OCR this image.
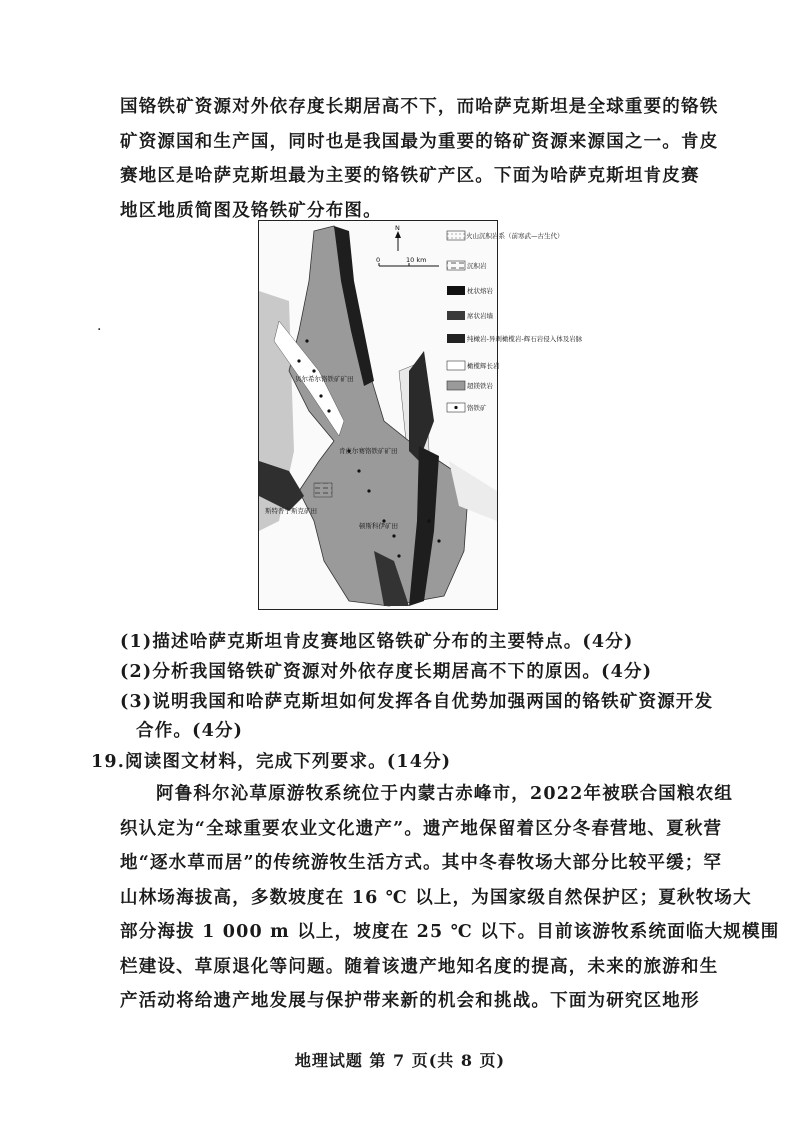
国铬铁矿资源对外依存度长期居高不下，而哈萨克斯坦是全球重要的铬铁
矿资源国和生产国，同时也是我国最为重要的铬矿资源来源国之一。肯皮
赛地区是哈萨克斯坦最为主要的铬铁矿产区。下面为哈萨克斯坦肯皮赛
地区地质简图及铬铁矿分布图。
.
N
0	10 km
贝尔希尔铬铁矿矿田
肯皮尔赛铬铁矿矿田
斯特普宁斯克矿田
顿斯科伊矿田
火山沉积岩系（前寒武—古生代）
沉积岩
枕状熔岩
席状岩墙
纯橄岩-异剥橄榄岩-辉石岩侵入体及岩脉
橄榄辉长岩
超镁铁岩
铬铁矿
(1)描述哈萨克斯坦肯皮赛地区铬铁矿分布的主要特点。(4分)
(2)分析我国铬铁矿资源对外依存度长期居高不下的原因。(4分)
(3)说明我国和哈萨克斯坦如何发挥各自优势加强两国的铬铁矿资源开发
合作。(4分)
19.阅读图文材料，完成下列要求。(14分)
阿鲁科尔沁草原游牧系统位于内蒙古赤峰市，2022年被联合国粮农组
织认定为“全球重要农业文化遗产”。遗产地保留着区分冬春营地、夏秋营
地“逐水草而居”的传统游牧生活方式。其中冬春牧场大部分比较平缓；罕
山林场海拔高，多数坡度在 16 ℃ 以上，为国家级自然保护区；夏秋牧场大
部分海拔 1 000 m 以上，坡度在 25 ℃ 以下。目前该游牧系统面临大规模围
栏建设、草原退化等问题。随着该遗产地知名度的提高，未来的旅游和生
产活动将给遗产地发展与保护带来新的机会和挑战。下面为研究区地形
地理试题 第 7 页(共 8 页)
